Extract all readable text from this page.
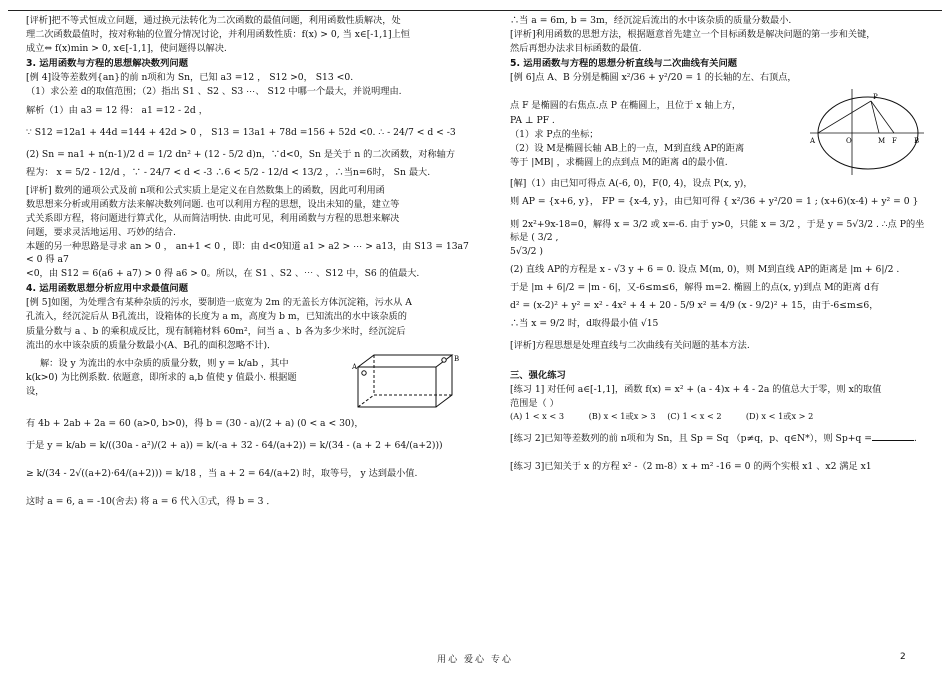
[评析]把不等式恒成立问题，通过换元法转化为二次函数的最值问题，利用函数性质解决，处

理二次函数最值时，按对称轴的位置分情况讨论，并利用函数性质：f(x) > 0, 当 x∈[-1,1]上恒

成立⇔ f(x)min > 0, x∈[-1,1]，使问题得以解决.

3. 运用函数与方程的思想解决数列问题

[例 4]设等差数列{an}的前 n项和为 Sn，已知 a3 =12 ， S12 >0， S13 <0.

（1）求公差 d的取值范围；（2）指出 S1 、S2 、S3 ⋯、 S12 中哪一个最大，并说明理由.

解析（1）由 a3 = 12 得： a1 =12 - 2d ，

∵ S12 =12a1 + 44d =144 + 42d > 0 ， S13 = 13a1 + 78d =156 + 52d <0. ∴ - 24/7 < d < -3

(2) Sn = na1 + n(n-1)/2 d = 1/2 dn² + (12 - 5/2 d)n，∵d<0，Sn 是关于 n 的二次函数，对称轴方

程为： x = 5/2 - 12/d ，∵ - 24/7 < d < -3 ∴6 < 5/2 - 12/d < 13/2 ，∴当n=6时， Sn 最大.

[评析] 数列的通项公式及前 n项和公式实质上是定义在自然数集上的函数，因此可利用函

数思想来分析或用函数方法来解决数列问题. 也可以利用方程的思想，设出未知的量，建立等

式关系即方程，将问题进行算式化，从而简洁明快. 由此可见，利用函数与方程的思想来解决

问题，要求灵活地运用、巧妙的结合.

本题的另一种思路是寻求 an > 0 ， an+1 < 0 ，即：由 d<0知道 a1 > a2 > ⋯ > a13，由 S13 = 13a7 < 0 得 a7

<0，由 S12 = 6(a6 + a7) > 0 得 a6 > 0。所以，在 S1 、S2 、⋯ 、S12 中，S6 的值最大.

4. 运用函数思想分析应用中求最值问题

[例 5]如图，为处理含有某种杂质的污水，要制造一底宽为 2m 的无盖长方体沉淀箱，污水从 A

孔流入，经沉淀后从 B孔流出，设箱体的长度为 a m，高度为 b m，已知流出的水中该杂质的

质量分数与 a 、b 的乘积成反比，现有制箱材料 60m²，问当 a 、b 各为多少米时，经沉淀后

流出的水中该杂质的质量分数最小(A、B孔的面积忽略不计)．

A
B

解：设 y 为流出的水中杂质的质量分数，则 y = k/ab ，其中

k(k>0) 为比例系数. 依题意，即所求的 a,b 值使 y 值最小. 根据题

设，

有 4b + 2ab + 2a = 60 (a>0, b>0)，得 b = (30 - a)/(2 + a) (0 < a < 30)，

于是 y = k/ab = k/((30a - a²)/(2 + a)) = k/(-a + 32 - 64/(a+2)) = k/(34 - (a + 2 + 64/(a+2)))

≥ k/(34 - 2√((a+2)·64/(a+2))) = k/18 ，当 a + 2 = 64/(a+2) 时，取等号， y 达到最小值.

这时 a = 6, a = -10(舍去) 将 a = 6 代入①式，得 b = 3 ．

∴当 a = 6m, b = 3m，经沉淀后流出的水中该杂质的质量分数最小.

[评析]利用函数的思想方法，根据题意首先建立一个目标函数是解决问题的第一步和关键，

然后再想办法求目标函数的最值.

5. 运用函数与方程的思想分析直线与二次曲线有关问题
A	O	M F B
P

[例 6]点 A、B 分别是椭圆 x²/36 + y²/20 = 1 的长轴的左、右顶点，

点 F 是椭圆的右焦点.点 P 在椭圆上，且位于 x 轴上方，

PA ⊥ PF .

（1）求 P点的坐标；

（2）设 M是椭圆长轴 AB上的一点，M到直线 AP的距离

等于 |MB| ，求椭圆上的点到点 M的距离 d的最小值.

[解]（1）由已知可得点 A(-6, 0)，F(0, 4)，设点 P(x, y)，

则 AP = {x+6, y}， FP = {x-4, y}，由已知可得 { x²/36 + y²/20 = 1 ; (x+6)(x-4) + y² = 0 }

则 2x²+9x-18=0，解得 x = 3/2 或 x=-6. 由于 y>0，只能 x = 3/2 ，于是 y = 5√3/2 . ∴点 P的坐标是 ( 3/2 ,

5√3/2 )

(2) 直线 AP的方程是 x - √3 y + 6 = 0. 设点 M(m, 0)，则 M到直线 AP的距离是 |m + 6|/2 .

于是 |m + 6|/2 = |m - 6|，又-6≤m≤6，解得 m=2. 椭圆上的点(x, y)到点 M的距离 d有

d² = (x-2)² + y² = x² - 4x² + 4 + 20 - 5/9 x² = 4/9 (x - 9/2)² + 15，由于-6≤m≤6，

∴当 x = 9/2 时，d取得最小值 √15

[评析]方程思想是处理直线与二次曲线有关问题的基本方法.

三、强化练习

[练习 1] 对任何 a∈[-1,1]，函数 f(x) = x² + (a - 4)x + 4 - 2a 的值总大于零，则 x的取值

范围是（ ）

(A) 1 < x < 3	(B) x < 1或x > 3 (C) 1 < x < 2	(D) x < 1或x > 2

[练习 2]已知等差数列的前 n项和为 Sn，且 Sp = Sq （p≠q，p、q∈N*），则 Sp+q =	.

[练习 3]已知关于 x 的方程 x² -（2 m-8）x + m² -16 = 0 的两个实根 x1 、x2 满足 x1

用心 爱心 专心	2
